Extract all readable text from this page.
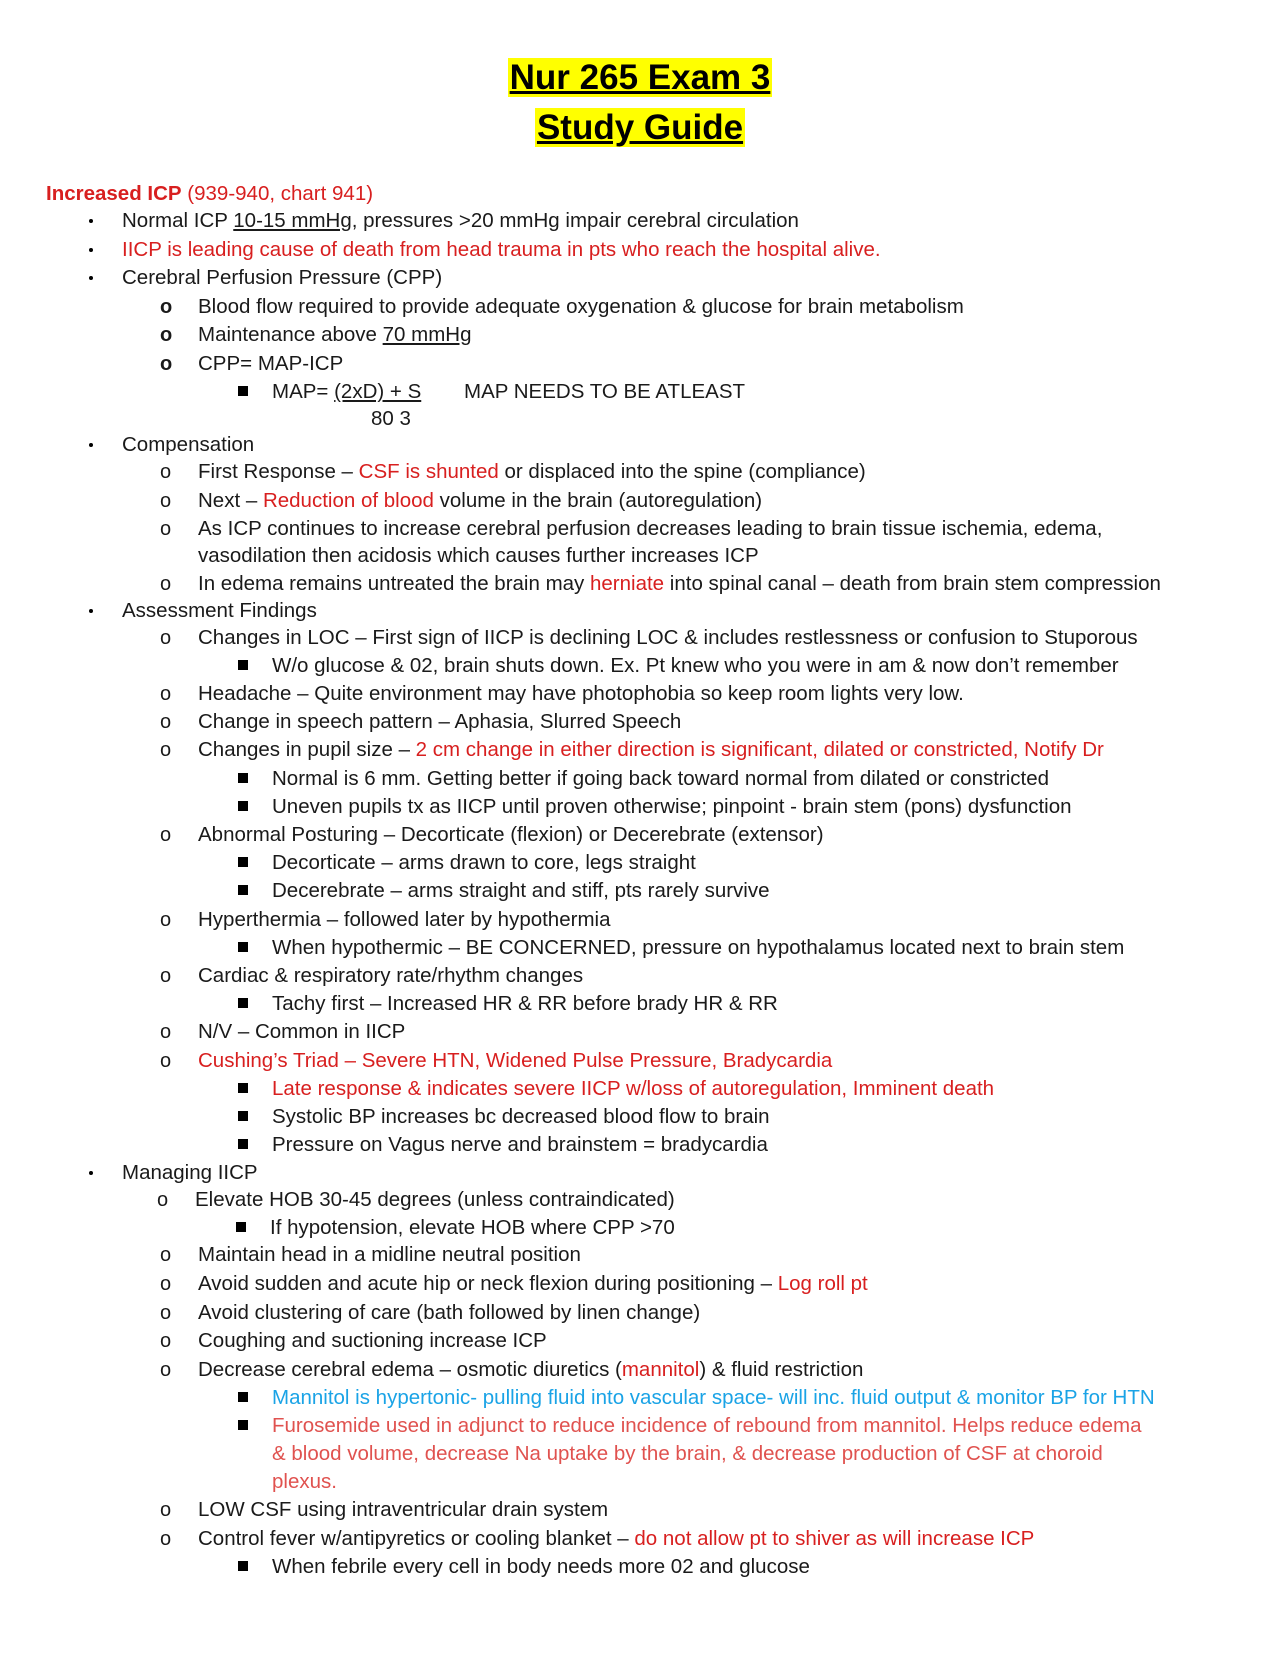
Nur 265 Exam 3
Study Guide
Increased ICP (939-940, chart 941)
Normal ICP 10-15 mmHg, pressures >20 mmHg impair cerebral circulation
IICP is leading cause of death from head trauma in pts who reach the hospital alive.
Cerebral Perfusion Pressure (CPP)
o Blood flow required to provide adequate oxygenation & glucose for brain metabolism
o Maintenance above 70 mmHg
o CPP= MAP-ICP
MAP= (2xD) + S MAP NEEDS TO BE ATLEAST
80 3
Compensation
o First Response – CSF is shunted or displaced into the spine (compliance)
o Next – Reduction of blood volume in the brain (autoregulation)
o As ICP continues to increase cerebral perfusion decreases leading to brain tissue ischemia, edema,
vasodilation then acidosis which causes further increases ICP
o In edema remains untreated the brain may herniate into spinal canal – death from brain stem compression
Assessment Findings
o Changes in LOC – First sign of IICP is declining LOC & includes restlessness or confusion to Stuporous
W/o glucose & 02, brain shuts down. Ex. Pt knew who you were in am & now don’t remember
o Headache – Quite environment may have photophobia so keep room lights very low.
o Change in speech pattern – Aphasia, Slurred Speech
o Changes in pupil size – 2 cm change in either direction is significant, dilated or constricted, Notify Dr
Normal is 6 mm. Getting better if going back toward normal from dilated or constricted
Uneven pupils tx as IICP until proven otherwise; pinpoint - brain stem (pons) dysfunction
o Abnormal Posturing – Decorticate (flexion) or Decerebrate (extensor)
Decorticate – arms drawn to core, legs straight
Decerebrate – arms straight and stiff, pts rarely survive
o Hyperthermia – followed later by hypothermia
When hypothermic – BE CONCERNED, pressure on hypothalamus located next to brain stem
o Cardiac & respiratory rate/rhythm changes
Tachy first – Increased HR & RR before brady HR & RR
o N/V – Common in IICP
o Cushing’s Triad – Severe HTN, Widened Pulse Pressure, Bradycardia
Late response & indicates severe IICP w/loss of autoregulation, Imminent death
Systolic BP increases bc decreased blood flow to brain
Pressure on Vagus nerve and brainstem = bradycardia
Managing IICP
o Elevate HOB 30-45 degrees (unless contraindicated)
If hypotension, elevate HOB where CPP >70
o Maintain head in a midline neutral position
o Avoid sudden and acute hip or neck flexion during positioning – Log roll pt
o Avoid clustering of care (bath followed by linen change)
o Coughing and suctioning increase ICP
o Decrease cerebral edema – osmotic diuretics (mannitol) & fluid restriction
Mannitol is hypertonic- pulling fluid into vascular space- will inc. fluid output & monitor BP for HTN
Furosemide used in adjunct to reduce incidence of rebound from mannitol. Helps reduce edema
& blood volume, decrease Na uptake by the brain, & decrease production of CSF at choroid
plexus.
o LOW CSF using intraventricular drain system
o Control fever w/antipyretics or cooling blanket – do not allow pt to shiver as will increase ICP
When febrile every cell in body needs more 02 and glucose
